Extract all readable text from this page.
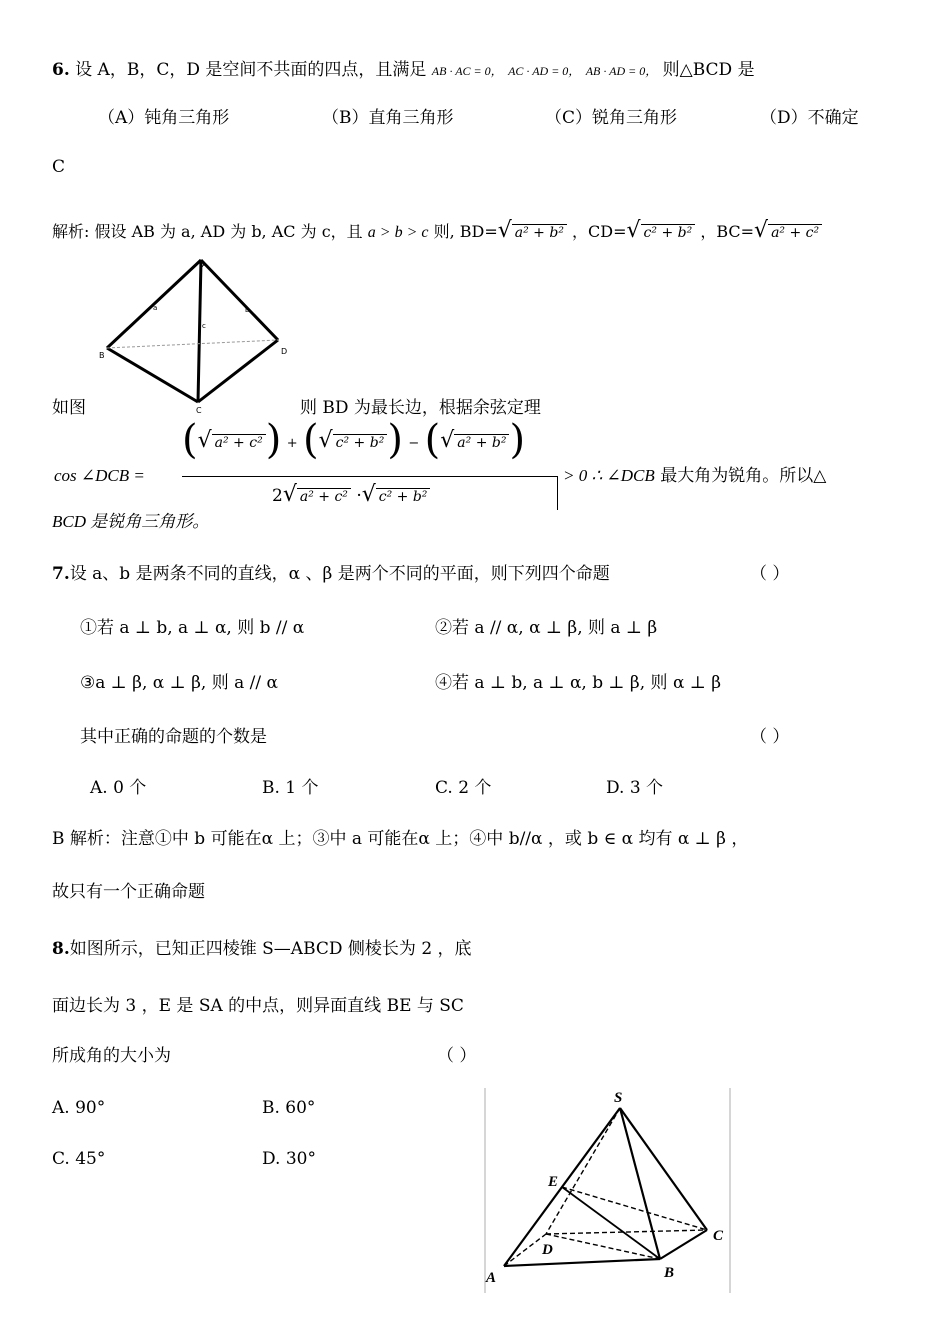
6. 设 A，B，C，D 是空间不共面的四点，且满足 AB · AC = 0， AC · AD = 0， AB · AD = 0， 则△BCD 是
（A）钝角三角形	（B）直角三角形	（C）锐角三角形	（D）不确定
C
解析: 假设 AB 为 a, AD 为 b, AC 为 c，且 a > b > c 则, BD=√ a² + b² ，CD=√ c² + b² ，BC=√ a² + c²
A
a
c
b
B	D
C
如图	则 BD 为最长边，根据余弦定理
cos ∠DCB =
(√ a² + c²) + (√ c² + b²) − (√ a² + b²)
2√ a² + c² ·√ c² + b²
> 0 ∴ ∠DCB 最大角为锐角。所以△
BCD 是锐角三角形。
7.设 a、b 是两条不同的直线，α 、β 是两个不同的平面，则下列四个命题	（ ）
①若 a ⊥ b, a ⊥ α, 则 b // α	②若 a // α, α ⊥ β, 则 a ⊥ β
③a ⊥ β, α ⊥ β, 则 a // α	④若 a ⊥ b, a ⊥ α, b ⊥ β, 则 α ⊥ β
其中正确的命题的个数是	（ ）
A. 0 个	B. 1 个	C. 2 个	D. 3 个
B 解析：注意①中 b 可能在α 上；③中 a 可能在α 上；④中 b//α ，或 b ∈ α 均有 α ⊥ β ，
故只有一个正确命题
8.如图所示，已知正四棱锥 S—ABCD 侧棱长为 2 ，底
面边长为 3 ，E 是 SA 的中点，则异面直线 BE 与 SC
所成角的大小为	（ ）
A. 90°	B. 60°
C. 45°	D. 30°
S
E
D
C
A	B
